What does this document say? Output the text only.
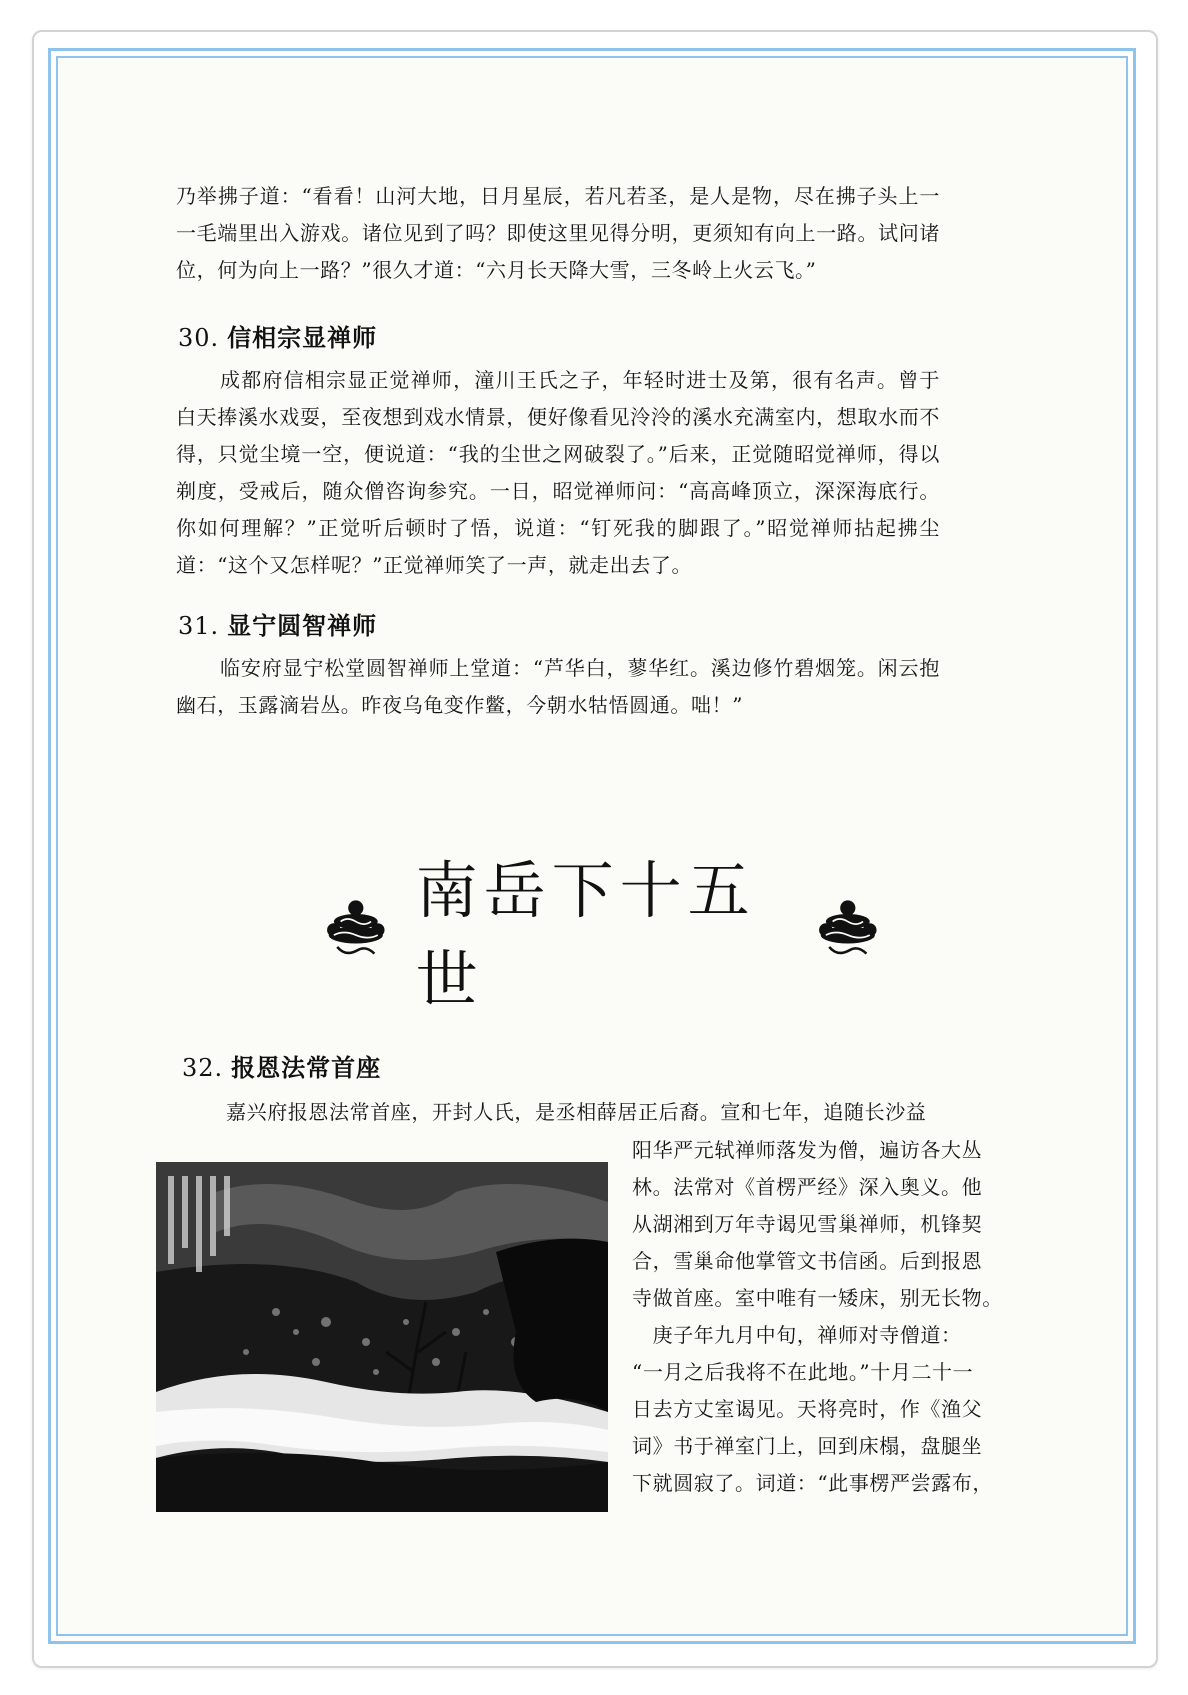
乃举拂子道：“看看！山河大地，日月星辰，若凡若圣，是人是物，尽在拂子头上一一毛端里出入游戏。诸位见到了吗？即使这里见得分明，更须知有向上一路。试问诸位，何为向上一路？”很久才道：“六月长天降大雪，三冬岭上火云飞。”
30. 信相宗显禅师
成都府信相宗显正觉禅师，潼川王氏之子，年轻时进士及第，很有名声。曾于白天捧溪水戏耍，至夜想到戏水情景，便好像看见泠泠的溪水充满室内，想取水而不得，只觉尘境一空，便说道：“我的尘世之网破裂了。”后来，正觉随昭觉禅师，得以剃度，受戒后，随众僧咨询参究。一日，昭觉禅师问：“高高峰顶立，深深海底行。你如何理解？”正觉听后顿时了悟，说道：“钉死我的脚跟了。”昭觉禅师拈起拂尘道：“这个又怎样呢？”正觉禅师笑了一声，就走出去了。
31. 显宁圆智禅师
临安府显宁松堂圆智禅师上堂道：“芦华白，蓼华红。溪边修竹碧烟笼。闲云抱幽石，玉露滴岩丛。昨夜乌龟变作鳖，今朝水牯悟圆通。咄！”
南岳下十五世
32. 报恩法常首座
嘉兴府报恩法常首座，开封人氏，是丞相薛居正后裔。宣和七年，追随长沙益
阳华严元轼禅师落发为僧，遍访各大丛
林。法常对《首楞严经》深入奥义。他
从湖湘到万年寺谒见雪巢禅师，机锋契
合，雪巢命他掌管文书信函。后到报恩
寺做首座。室中唯有一矮床，别无长物。
　庚子年九月中旬，禅师对寺僧道：
“一月之后我将不在此地。”十月二十一
日去方丈室谒见。天将亮时，作《渔父
词》书于禅室门上，回到床榻，盘腿坐
下就圆寂了。词道：“此事楞严尝露布，
